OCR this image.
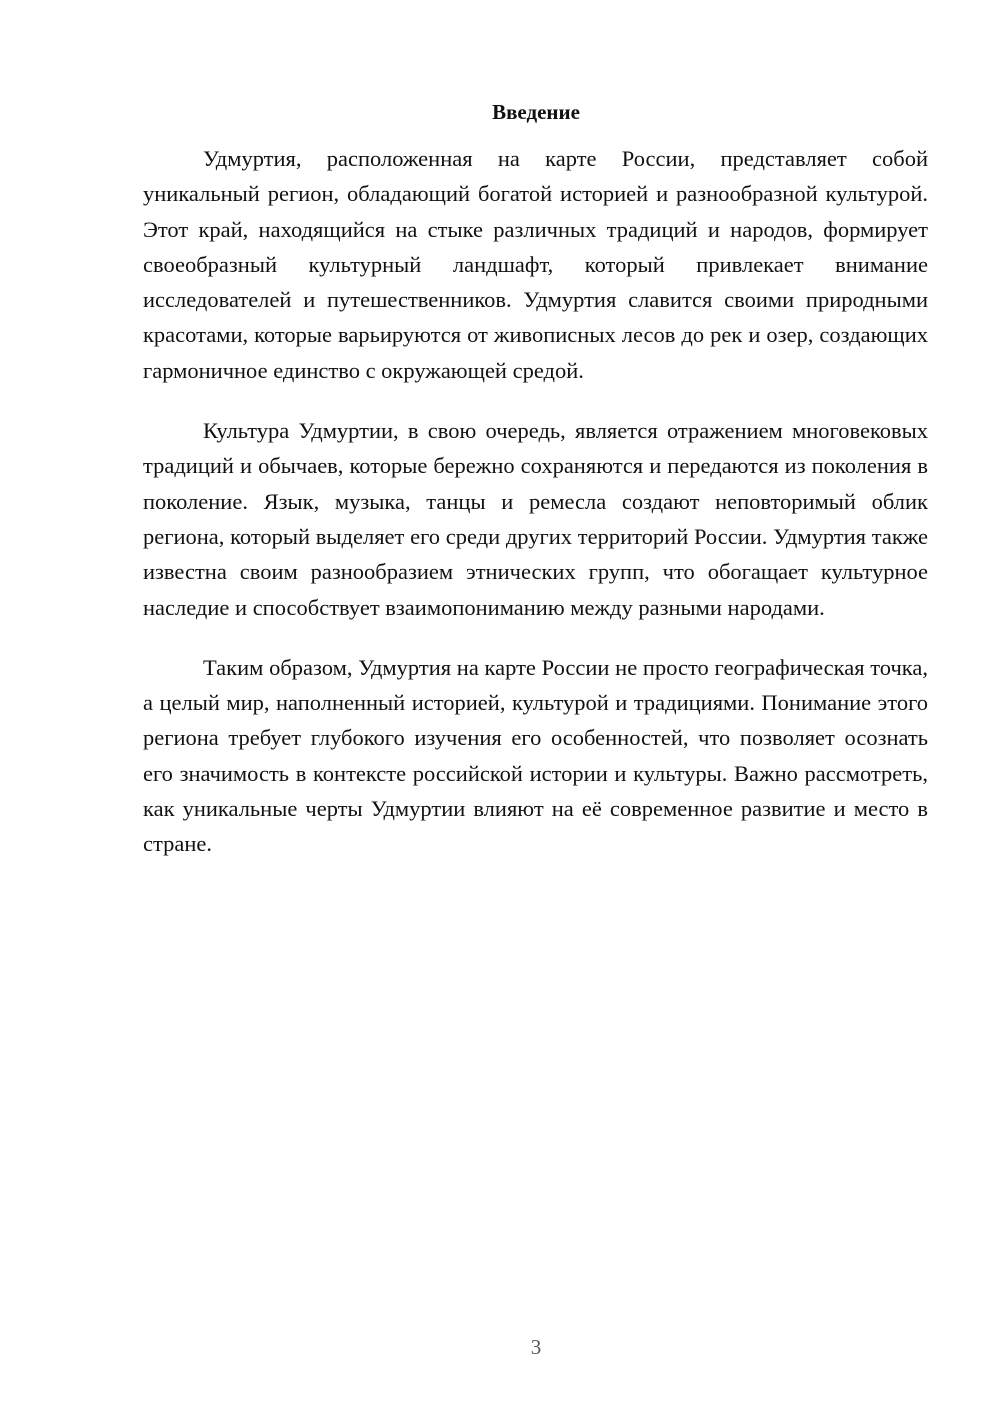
Введение

Удмуртия, расположенная на карте России, представляет собой уникальный регион, обладающий богатой историей и разнообразной культурой. Этот край, находящийся на стыке различных традиций и народов, формирует своеобразный культурный ландшафт, который привлекает внимание исследователей и путешественников. Удмуртия славится своими природными красотами, которые варьируются от живописных лесов до рек и озер, создающих гармоничное единство с окружающей средой.

Культура Удмуртии, в свою очередь, является отражением многовековых традиций и обычаев, которые бережно сохраняются и передаются из поколения в поколение. Язык, музыка, танцы и ремесла создают неповторимый облик региона, который выделяет его среди других территорий России. Удмуртия также известна своим разнообразием этнических групп, что обогащает культурное наследие и способствует взаимопониманию между разными народами.

Таким образом, Удмуртия на карте России не просто географическая точка, а целый мир, наполненный историей, культурой и традициями. Понимание этого региона требует глубокого изучения его особенностей, что позволяет осознать его значимость в контексте российской истории и культуры. Важно рассмотреть, как уникальные черты Удмуртии влияют на её современное развитие и место в стране.

3
